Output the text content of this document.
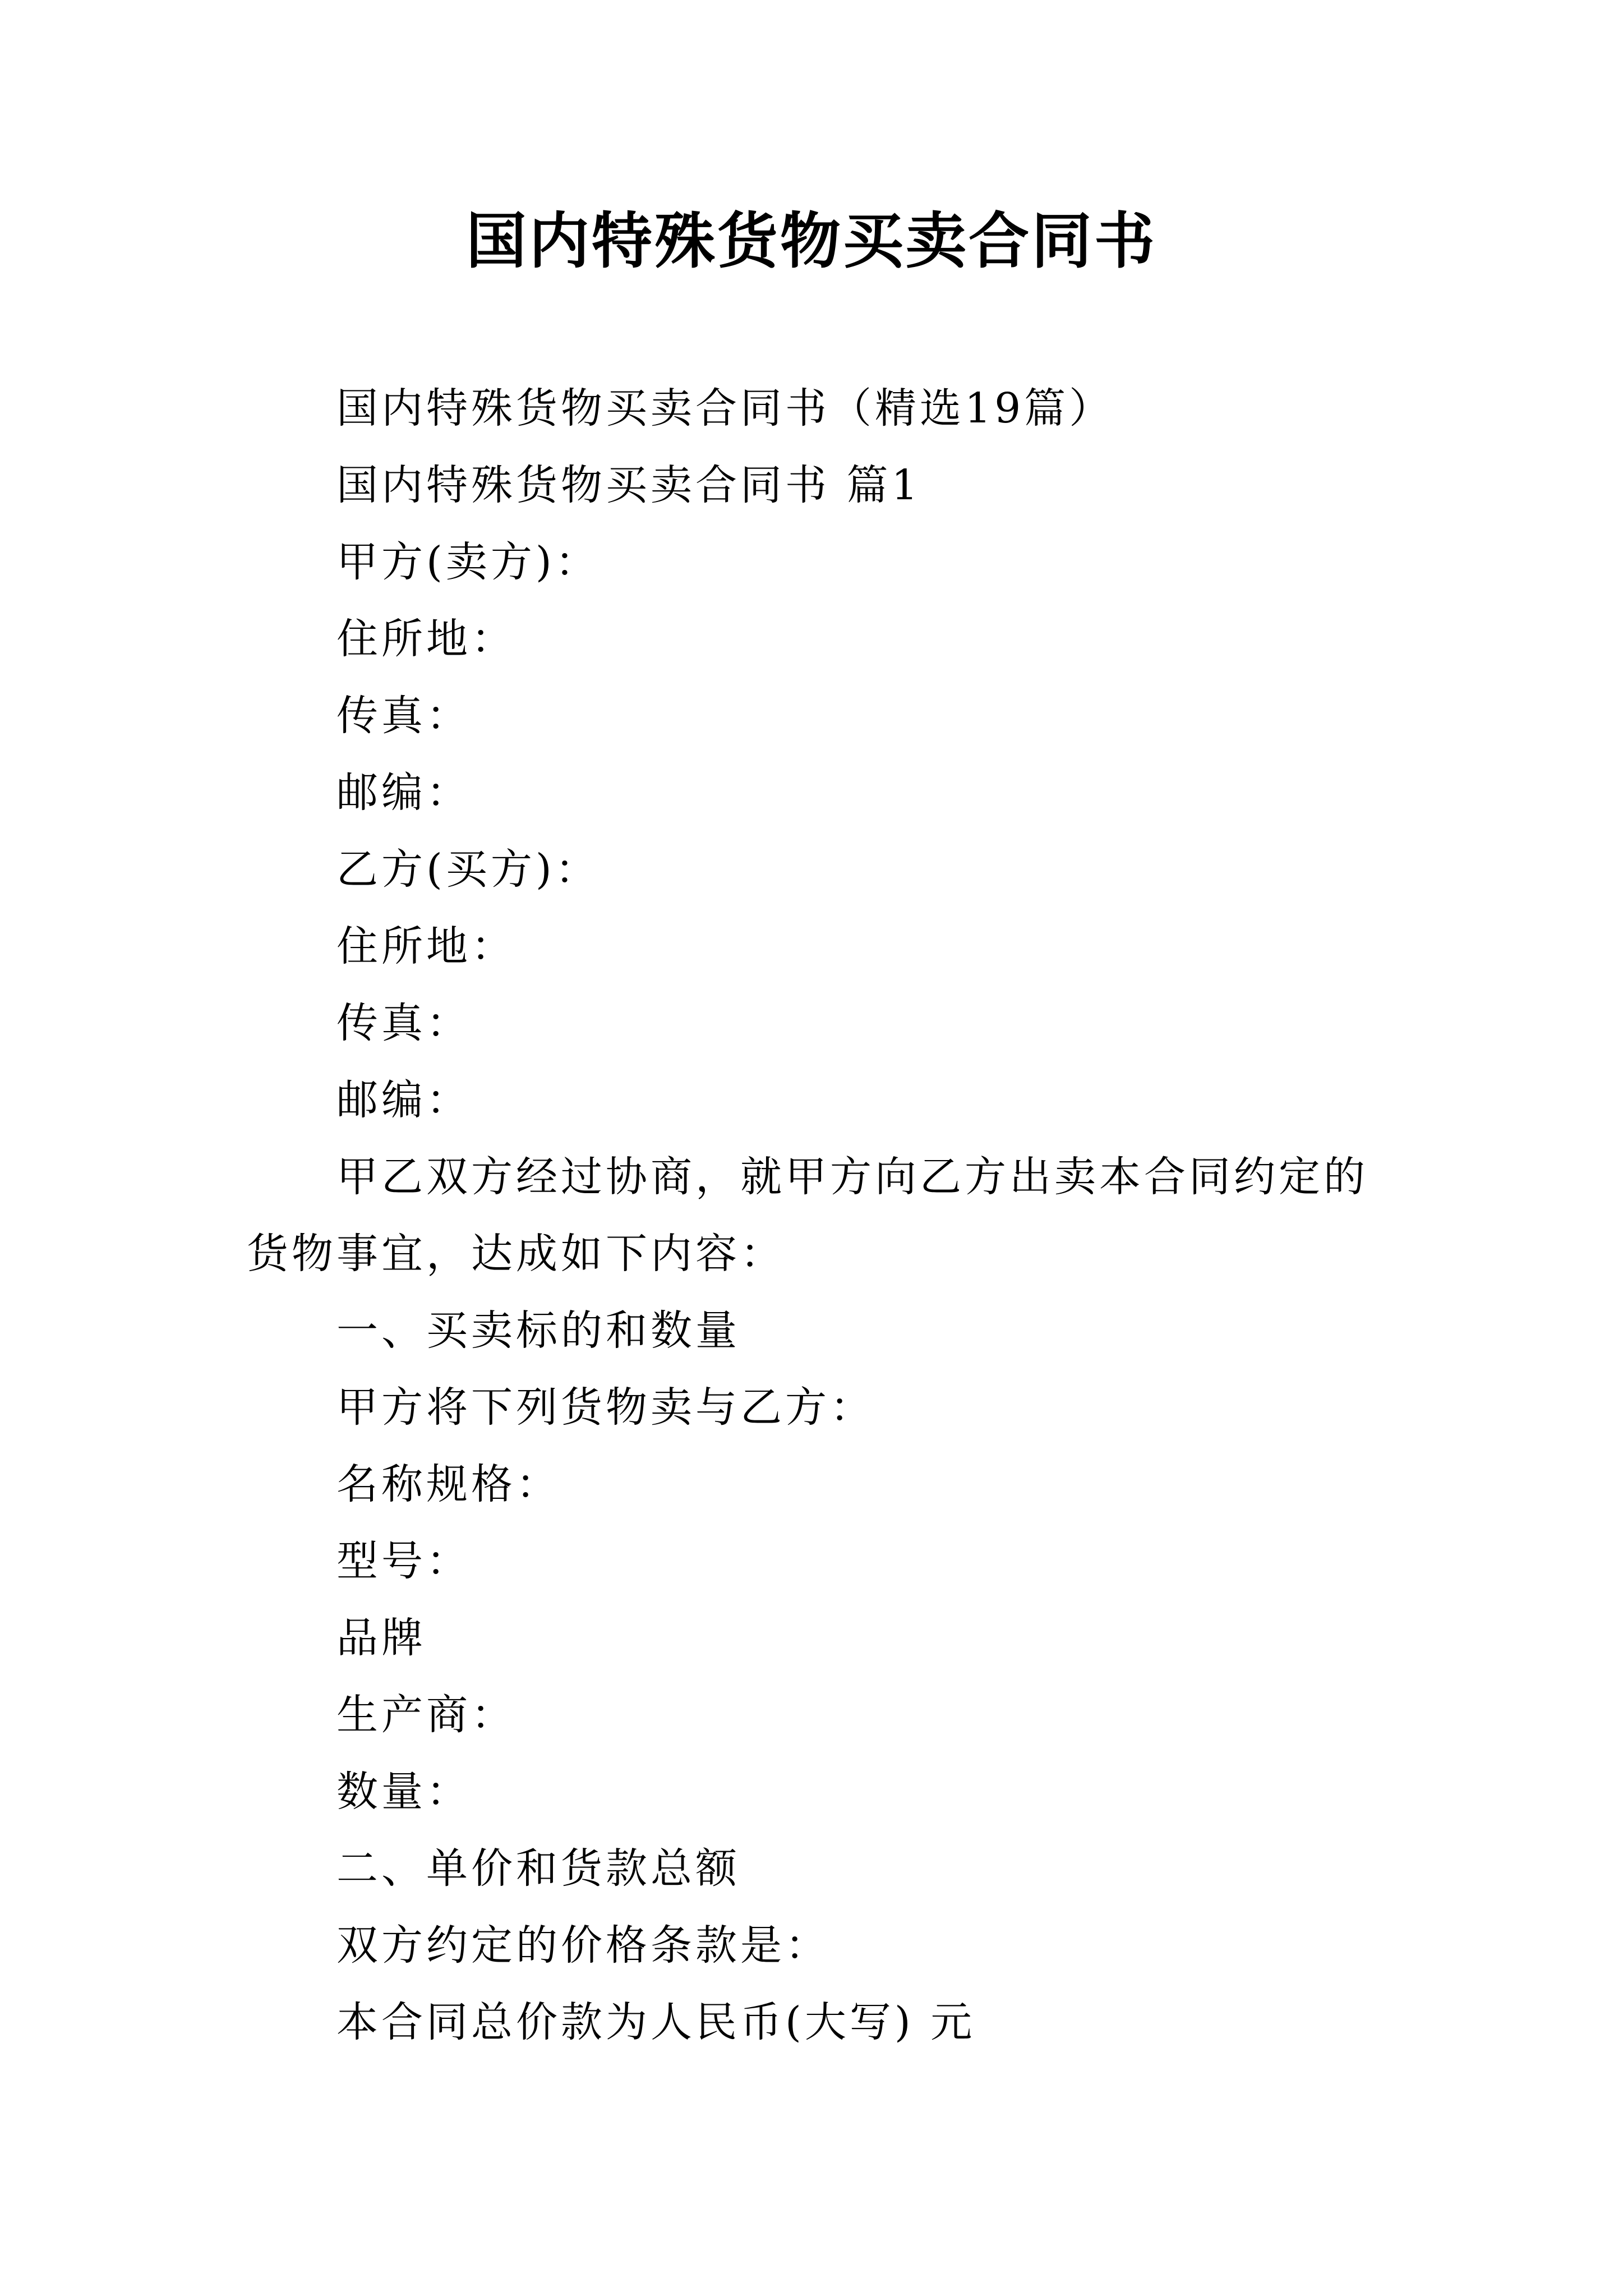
国内特殊货物买卖合同书

国内特殊货物买卖合同书（精选19篇）

国内特殊货物买卖合同书 篇1

甲方(卖方)：

住所地：

传真：

邮编：

乙方(买方)：

住所地：

传真：

邮编：

甲乙双方经过协商，就甲方向乙方出卖本合同约定的货物事宜，达成如下内容：

一、买卖标的和数量

甲方将下列货物卖与乙方：

名称规格：

型号：

品牌

生产商：

数量：

二、单价和货款总额

双方约定的价格条款是：

本合同总价款为人民币(大写) 元
